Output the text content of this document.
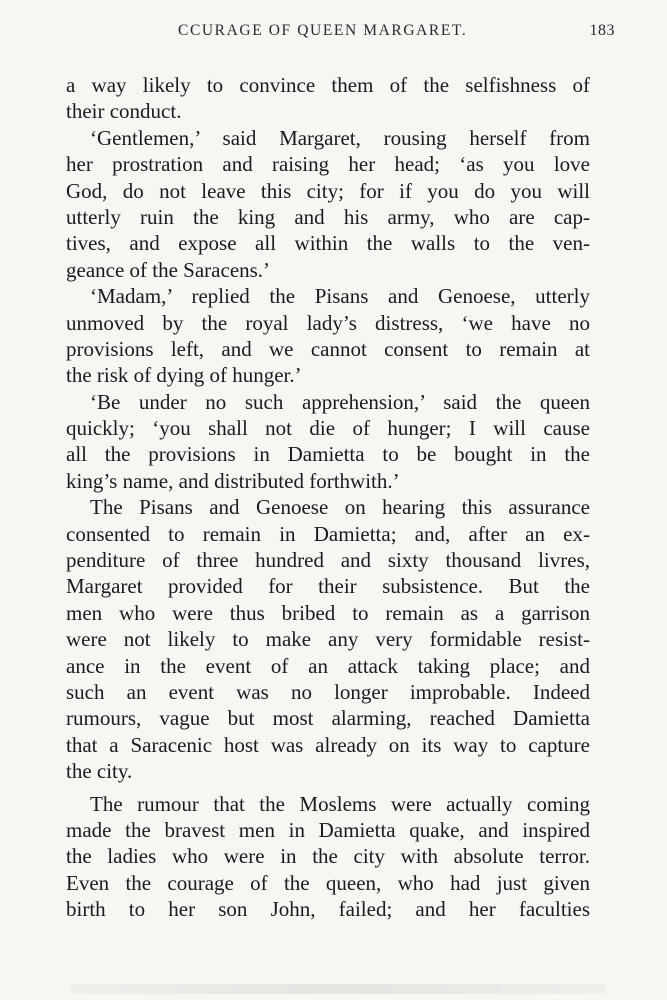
CCURAGE OF QUEEN MARGARET.	183
a way likely to convince them of the selfishness of
their conduct.
‘Gentlemen,’ said Margaret, rousing herself from
her prostration and raising her head; ‘as you love
God, do not leave this city; for if you do you will
utterly ruin the king and his army, who are cap-
tives, and expose all within the walls to the ven-
geance of the Saracens.’
‘Madam,’ replied the Pisans and Genoese, utterly
unmoved by the royal lady’s distress, ‘we have no
provisions left, and we cannot consent to remain at
the risk of dying of hunger.’
‘Be under no such apprehension,’ said the queen
quickly; ‘you shall not die of hunger; I will cause
all the provisions in Damietta to be bought in the
king’s name, and distributed forthwith.’
The Pisans and Genoese on hearing this assurance
consented to remain in Damietta; and, after an ex-
penditure of three hundred and sixty thousand livres,
Margaret provided for their subsistence. But the
men who were thus bribed to remain as a garrison
were not likely to make any very formidable resist-
ance in the event of an attack taking place; and
such an event was no longer improbable. Indeed
rumours, vague but most alarming, reached Damietta
that a Saracenic host was already on its way to capture
the city.
The rumour that the Moslems were actually coming
made the bravest men in Damietta quake, and inspired
the ladies who were in the city with absolute terror.
Even the courage of the queen, who had just given
birth to her son John, failed; and her faculties
